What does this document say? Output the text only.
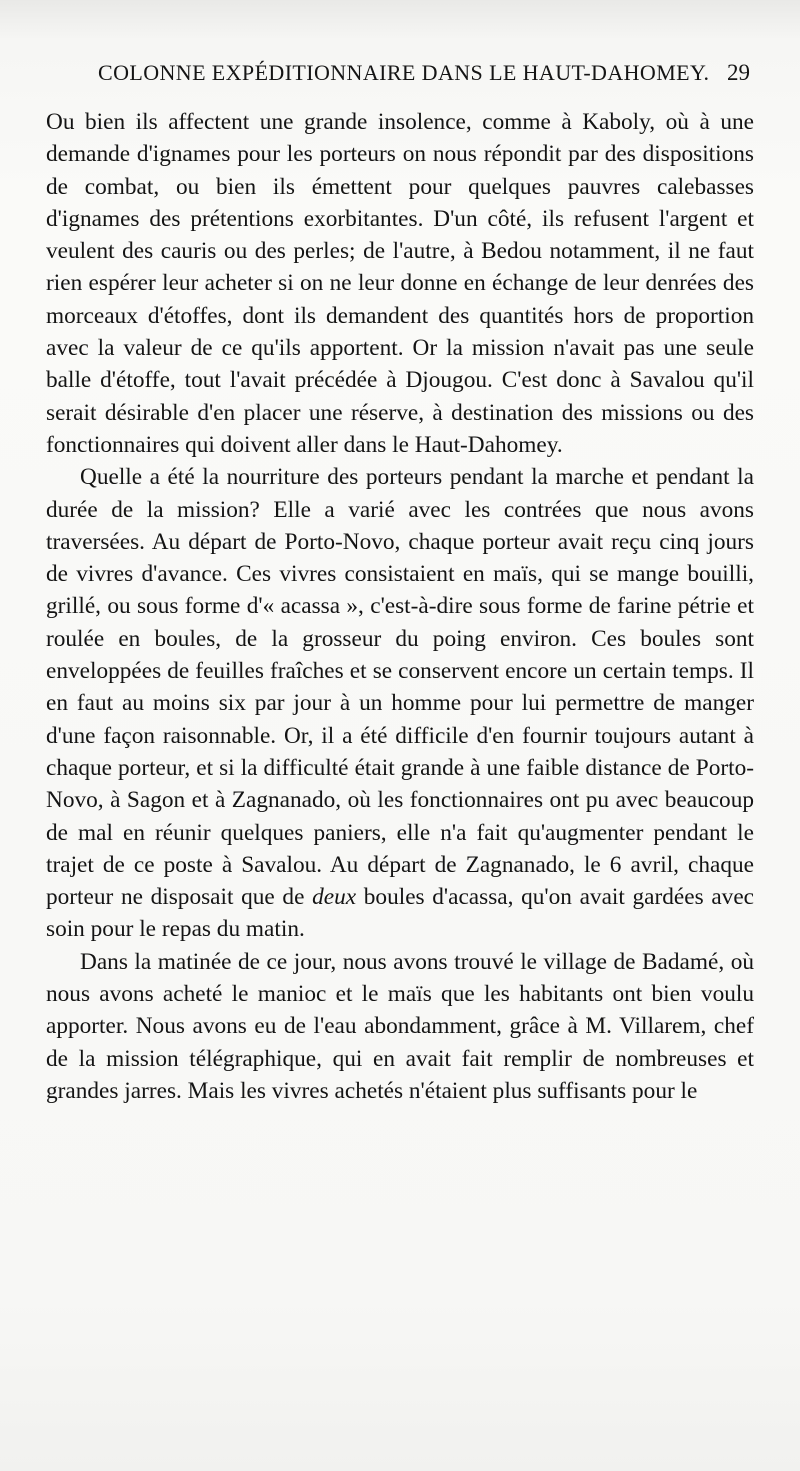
COLONNE EXPÉDITIONNAIRE DANS LE HAUT-DAHOMEY. 29

Ou bien ils affectent une grande insolence, comme à Kaboly, où à une demande d'ignames pour les porteurs on nous répondit par des dispositions de combat, ou bien ils émettent pour quelques pauvres calebasses d'ignames des prétentions exorbitantes. D'un côté, ils refusent l'argent et veulent des cauris ou des perles; de l'autre, à Bedou notamment, il ne faut rien espérer leur acheter si on ne leur donne en échange de leur denrées des morceaux d'étoffes, dont ils demandent des quantités hors de proportion avec la valeur de ce qu'ils apportent. Or la mission n'avait pas une seule balle d'étoffe, tout l'avait précédée à Djougou. C'est donc à Savalou qu'il serait désirable d'en placer une réserve, à destination des missions ou des fonctionnaires qui doivent aller dans le Haut-Dahomey.

Quelle a été la nourriture des porteurs pendant la marche et pendant la durée de la mission? Elle a varié avec les contrées que nous avons traversées. Au départ de Porto-Novo, chaque porteur avait reçu cinq jours de vivres d'avance. Ces vivres consistaient en maïs, qui se mange bouilli, grillé, ou sous forme d'« acassa », c'est-à-dire sous forme de farine pétrie et roulée en boules, de la grosseur du poing environ. Ces boules sont enveloppées de feuilles fraîches et se conservent encore un certain temps. Il en faut au moins six par jour à un homme pour lui permettre de manger d'une façon raisonnable. Or, il a été difficile d'en fournir toujours autant à chaque porteur, et si la difficulté était grande à une faible distance de Porto-Novo, à Sagon et à Zagnanado, où les fonctionnaires ont pu avec beaucoup de mal en réunir quelques paniers, elle n'a fait qu'augmenter pendant le trajet de ce poste à Savalou. Au départ de Zagnanado, le 6 avril, chaque porteur ne disposait que de deux boules d'acassa, qu'on avait gardées avec soin pour le repas du matin.

Dans la matinée de ce jour, nous avons trouvé le village de Badamé, où nous avons acheté le manioc et le maïs que les habitants ont bien voulu apporter. Nous avons eu de l'eau abondamment, grâce à M. Villarem, chef de la mission télégraphique, qui en avait fait remplir de nombreuses et grandes jarres. Mais les vivres achetés n'étaient plus suffisants pour le
